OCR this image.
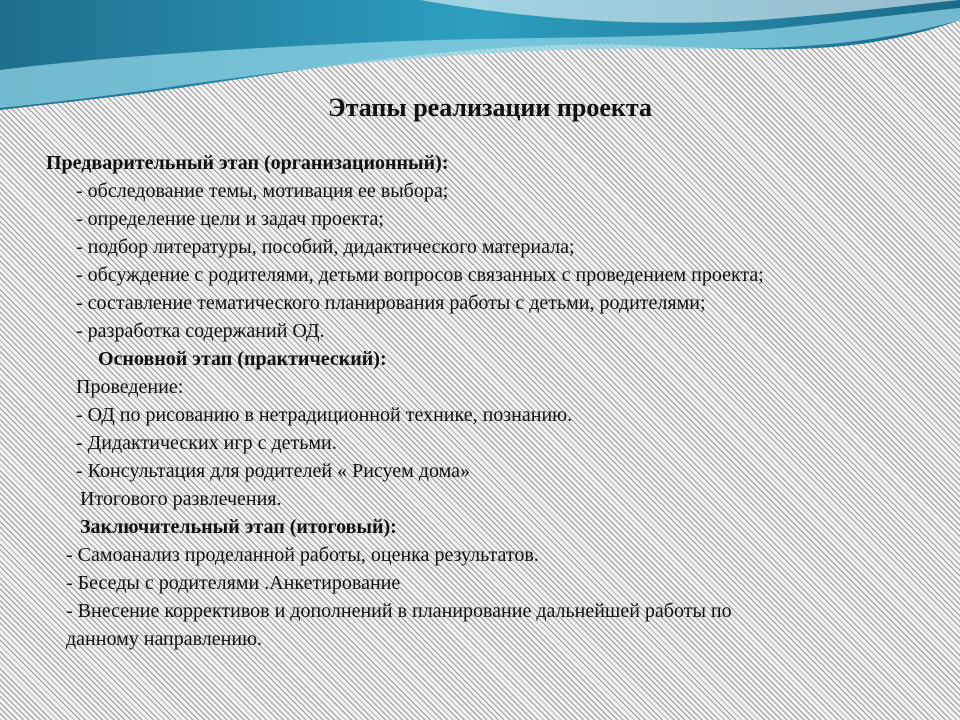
Этапы реализации проекта
Предварительный этап (организационный):
- обследование темы, мотивация ее выбора;
- определение цели и задач проекта;
- подбор литературы, пособий, дидактического материала;
- обсуждение с родителями, детьми вопросов связанных с проведением проекта;
- составление тематического планирования работы с детьми, родителями;
- разработка содержаний ОД.
Основной этап (практический):
Проведение:
- ОД по рисованию в нетрадиционной технике, познанию.
- Дидактических игр с детьми.
- Консультация для родителей « Рисуем дома»
Итогового развлечения.
Заключительный этап (итоговый):
- Самоанализ проделанной работы, оценка результатов.
- Беседы с родителями .Анкетирование
- Внесение коррективов и дополнений в планирование дальнейшей работы по
данному направлению.
